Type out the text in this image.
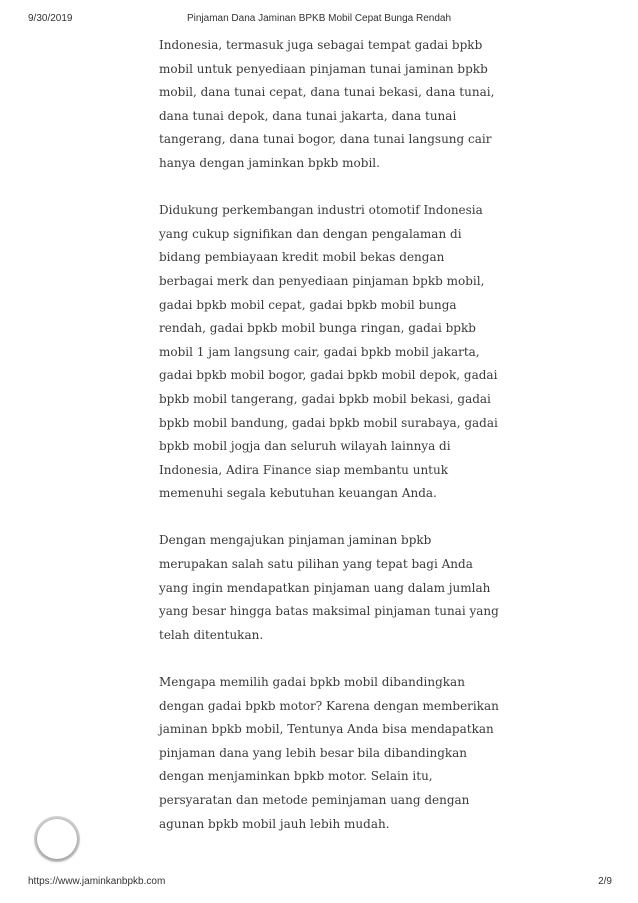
9/30/2019	Pinjaman Dana Jaminan BPKB Mobil Cepat Bunga Rendah

Indonesia, termasuk juga sebagai tempat gadai bpkb mobil untuk penyediaan pinjaman tunai jaminan bpkb mobil, dana tunai cepat, dana tunai bekasi, dana tunai, dana tunai depok, dana tunai jakarta, dana tunai tangerang, dana tunai bogor, dana tunai langsung cair hanya dengan jaminkan bpkb mobil.

Didukung perkembangan industri otomotif Indonesia yang cukup signifikan dan dengan pengalaman di bidang pembiayaan kredit mobil bekas dengan berbagai merk dan penyediaan pinjaman bpkb mobil, gadai bpkb mobil cepat, gadai bpkb mobil bunga rendah, gadai bpkb mobil bunga ringan, gadai bpkb mobil 1 jam langsung cair, gadai bpkb mobil jakarta, gadai bpkb mobil bogor, gadai bpkb mobil depok, gadai bpkb mobil tangerang, gadai bpkb mobil bekasi, gadai bpkb mobil bandung, gadai bpkb mobil surabaya, gadai bpkb mobil jogja dan seluruh wilayah lainnya di Indonesia, Adira Finance siap membantu untuk memenuhi segala kebutuhan keuangan Anda.

Dengan mengajukan pinjaman jaminan bpkb merupakan salah satu pilihan yang tepat bagi Anda yang ingin mendapatkan pinjaman uang dalam jumlah yang besar hingga batas maksimal pinjaman tunai yang telah ditentukan.

Mengapa memilih gadai bpkb mobil dibandingkan dengan gadai bpkb motor? Karena dengan memberikan jaminan bpkb mobil, Tentunya Anda bisa mendapatkan pinjaman dana yang lebih besar bila dibandingkan dengan menjaminkan bpkb motor. Selain itu, persyaratan dan metode peminjaman uang dengan agunan bpkb mobil jauh lebih mudah.

https://www.jaminkanbpkb.com	2/9
